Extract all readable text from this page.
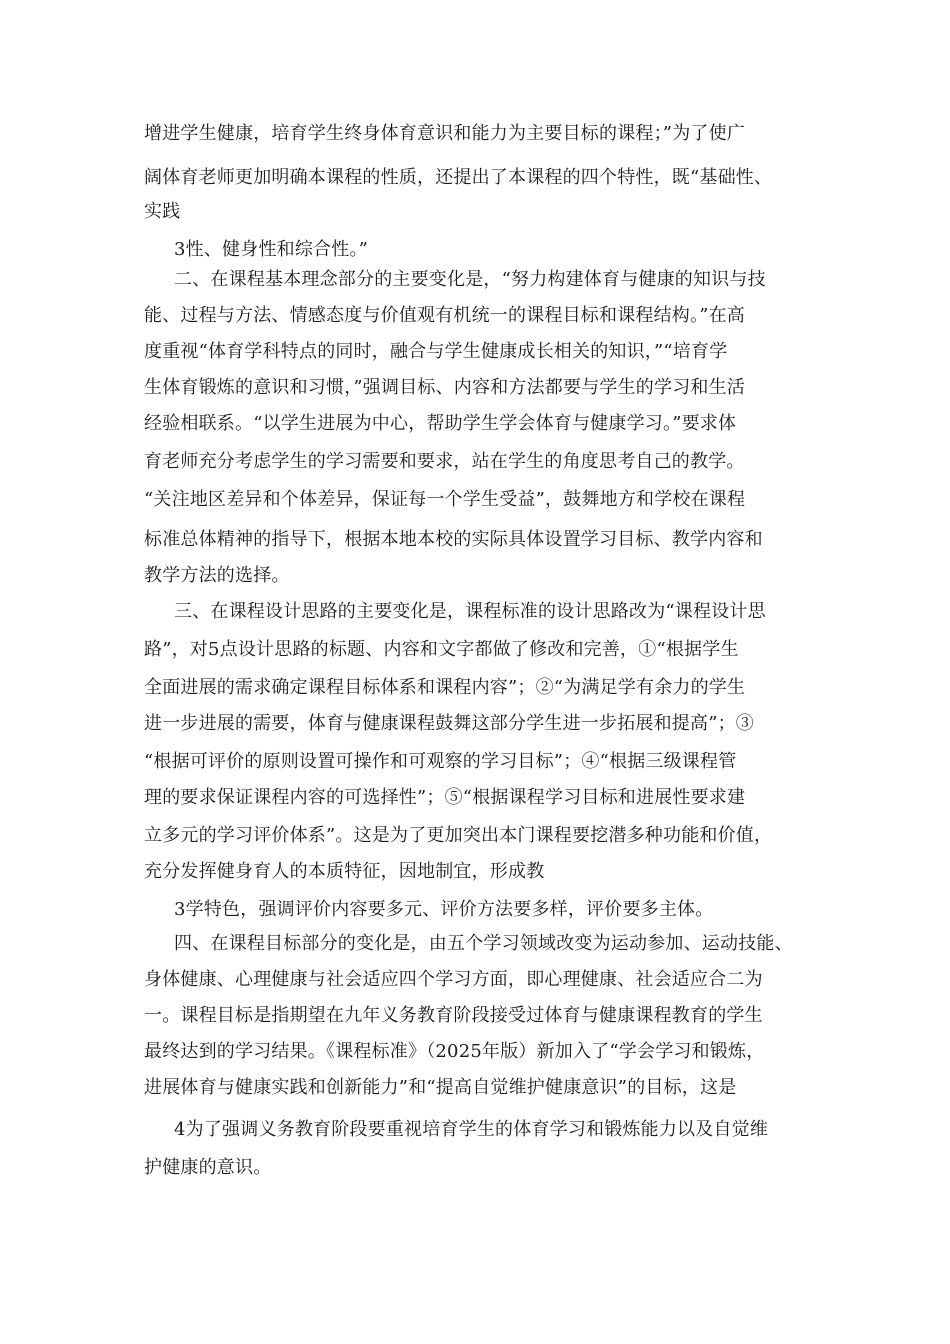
增进学生健康，培育学生终身体育意识和能力为主要目标的课程；”为了使广
阔体育老师更加明确本课程的性质，还提出了本课程的四个特性，既“基础性、
实践
3性、健身性和综合性。”
二、在课程基本理念部分的主要变化是，“努力构建体育与健康的知识与技
能、过程与方法、情感态度与价值观有机统一的课程目标和课程结构。”在高
度重视“体育学科特点的同时，融合与学生健康成长相关的知识，”“培育学
生体育锻炼的意识和习惯，”强调目标、内容和方法都要与学生的学习和生活
经验相联系。“以学生进展为中心，帮助学生学会体育与健康学习。”要求体
育老师充分考虑学生的学习需要和要求，站在学生的角度思考自己的教学。
“关注地区差异和个体差异，保证每一个学生受益”，鼓舞地方和学校在课程
标准总体精神的指导下，根据本地本校的实际具体设置学习目标、教学内容和
教学方法的选择。
三、在课程设计思路的主要变化是，课程标准的设计思路改为“课程设计思
路”，对5点设计思路的标题、内容和文字都做了修改和完善，①“根据学生
全面进展的需求确定课程目标体系和课程内容”；②“为满足学有余力的学生
进一步进展的需要，体育与健康课程鼓舞这部分学生进一步拓展和提高”；③
“根据可评价的原则设置可操作和可观察的学习目标”；④“根据三级课程管
理的要求保证课程内容的可选择性”；⑤“根据课程学习目标和进展性要求建
立多元的学习评价体系”。这是为了更加突出本门课程要挖潜多种功能和价值，
充分发挥健身育人的本质特征，因地制宜，形成教
3学特色，强调评价内容要多元、评价方法要多样，评价要多主体。
四、在课程目标部分的变化是，由五个学习领域改变为运动参加、运动技能、
身体健康、心理健康与社会适应四个学习方面，即心理健康、社会适应合二为
一。课程目标是指期望在九年义务教育阶段接受过体育与健康课程教育的学生
最终达到的学习结果。《课程标准》（2025年版）新加入了“学会学习和锻炼，
进展体育与健康实践和创新能力”和“提高自觉维护健康意识”的目标，这是
4为了强调义务教育阶段要重视培育学生的体育学习和锻炼能力以及自觉维
护健康的意识。
